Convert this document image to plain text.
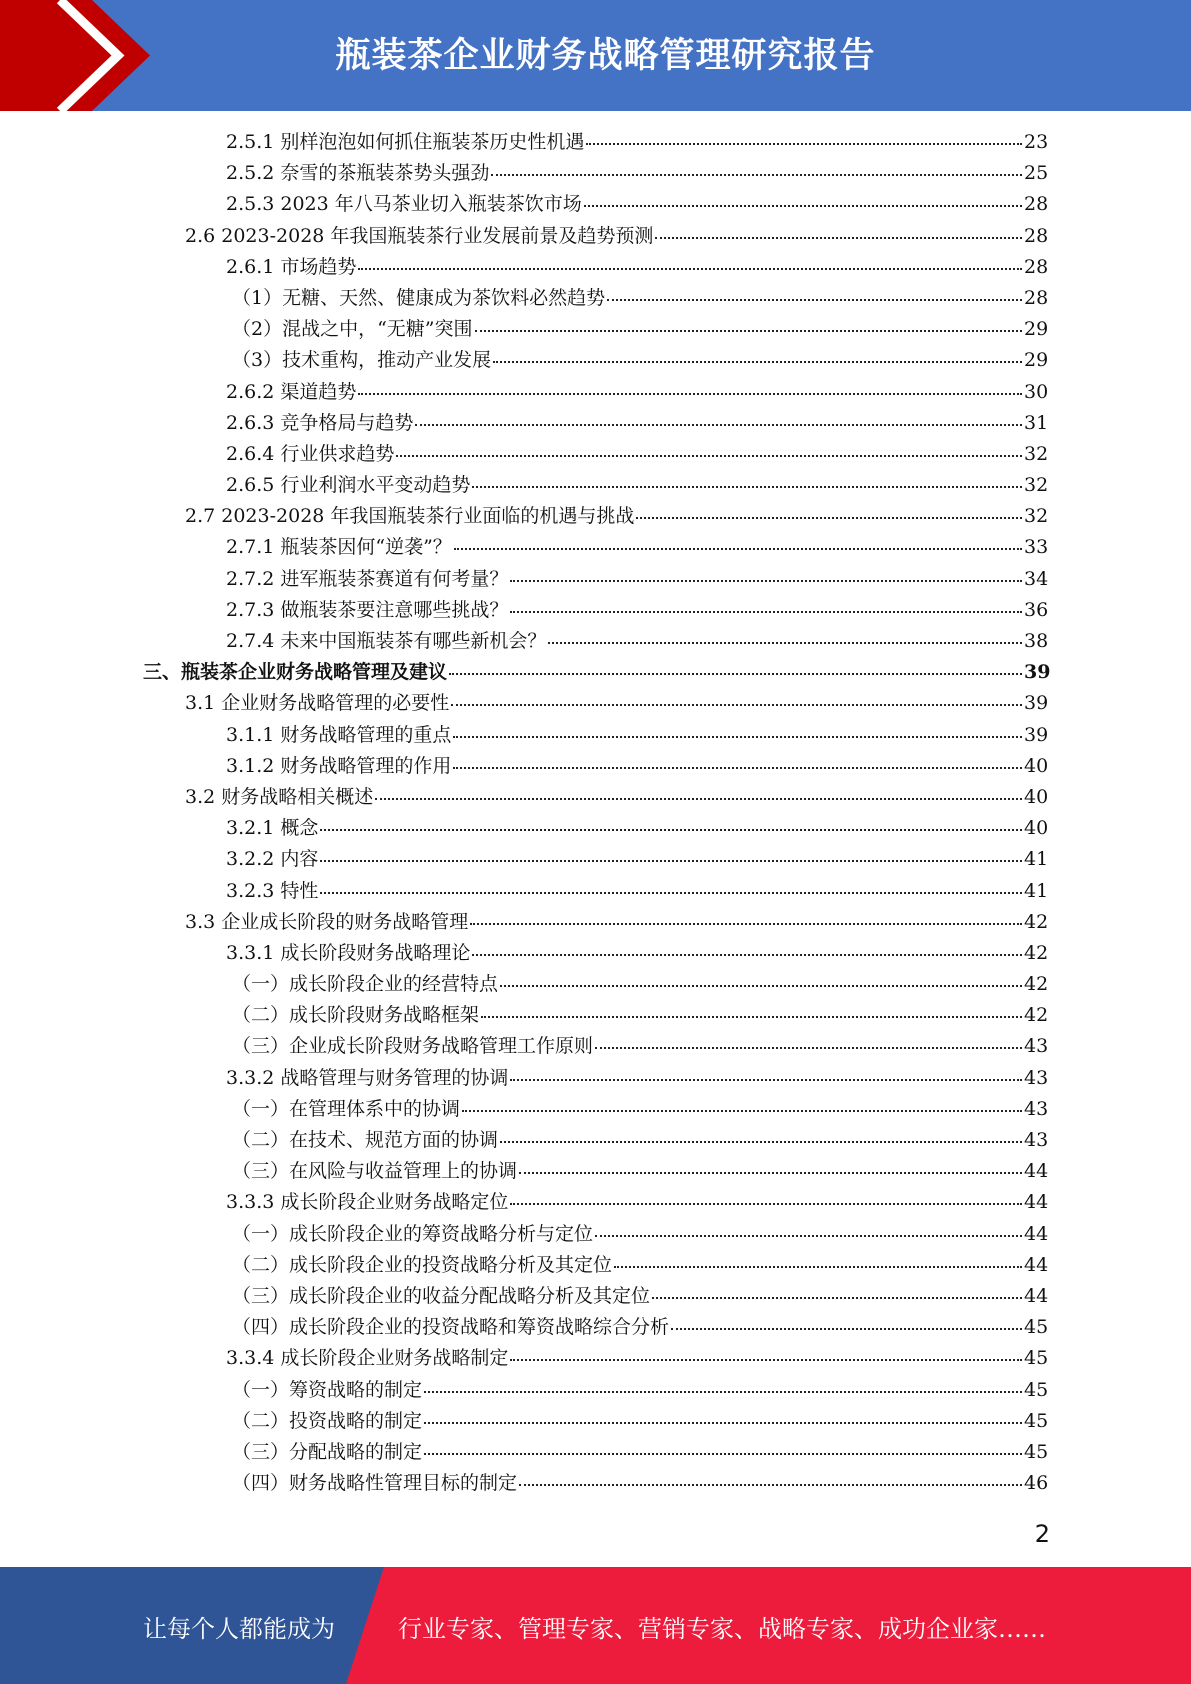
瓶装茶企业财务战略管理研究报告
2.5.1 别样泡泡如何抓住瓶装茶历史性机遇	23
2.5.2 奈雪的茶瓶装茶势头强劲	25
2.5.3 2023 年八马茶业切入瓶装茶饮市场	28
2.6 2023-2028 年我国瓶装茶行业发展前景及趋势预测	28
2.6.1 市场趋势	28
（1）无糖、天然、健康成为茶饮料必然趋势	28
（2）混战之中，“无糖”突围	29
（3）技术重构，推动产业发展	29
2.6.2 渠道趋势	30
2.6.3 竞争格局与趋势	31
2.6.4 行业供求趋势	32
2.6.5 行业利润水平变动趋势	32
2.7 2023-2028 年我国瓶装茶行业面临的机遇与挑战	32
2.7.1 瓶装茶因何“逆袭”？	33
2.7.2 进军瓶装茶赛道有何考量？	34
2.7.3 做瓶装茶要注意哪些挑战？	36
2.7.4 未来中国瓶装茶有哪些新机会？	38
三、瓶装茶企业财务战略管理及建议	39
3.1 企业财务战略管理的必要性	39
3.1.1 财务战略管理的重点	39
3.1.2 财务战略管理的作用	40
3.2 财务战略相关概述	40
3.2.1 概念	40
3.2.2 内容	41
3.2.3 特性	41
3.3 企业成长阶段的财务战略管理	42
3.3.1 成长阶段财务战略理论	42
（一）成长阶段企业的经营特点	42
（二）成长阶段财务战略框架	42
（三）企业成长阶段财务战略管理工作原则	43
3.3.2 战略管理与财务管理的协调	43
（一）在管理体系中的协调	43
（二）在技术、规范方面的协调	43
（三）在风险与收益管理上的协调	44
3.3.3 成长阶段企业财务战略定位	44
（一）成长阶段企业的筹资战略分析与定位	44
（二）成长阶段企业的投资战略分析及其定位	44
（三）成长阶段企业的收益分配战略分析及其定位	44
（四）成长阶段企业的投资战略和筹资战略综合分析	45
3.3.4 成长阶段企业财务战略制定	45
（一）筹资战略的制定	45
（二）投资战略的制定	45
（三）分配战略的制定	45
（四）财务战略性管理目标的制定	46
2
让每个人都能成为	行业专家、管理专家、营销专家、战略专家、成功企业家……
